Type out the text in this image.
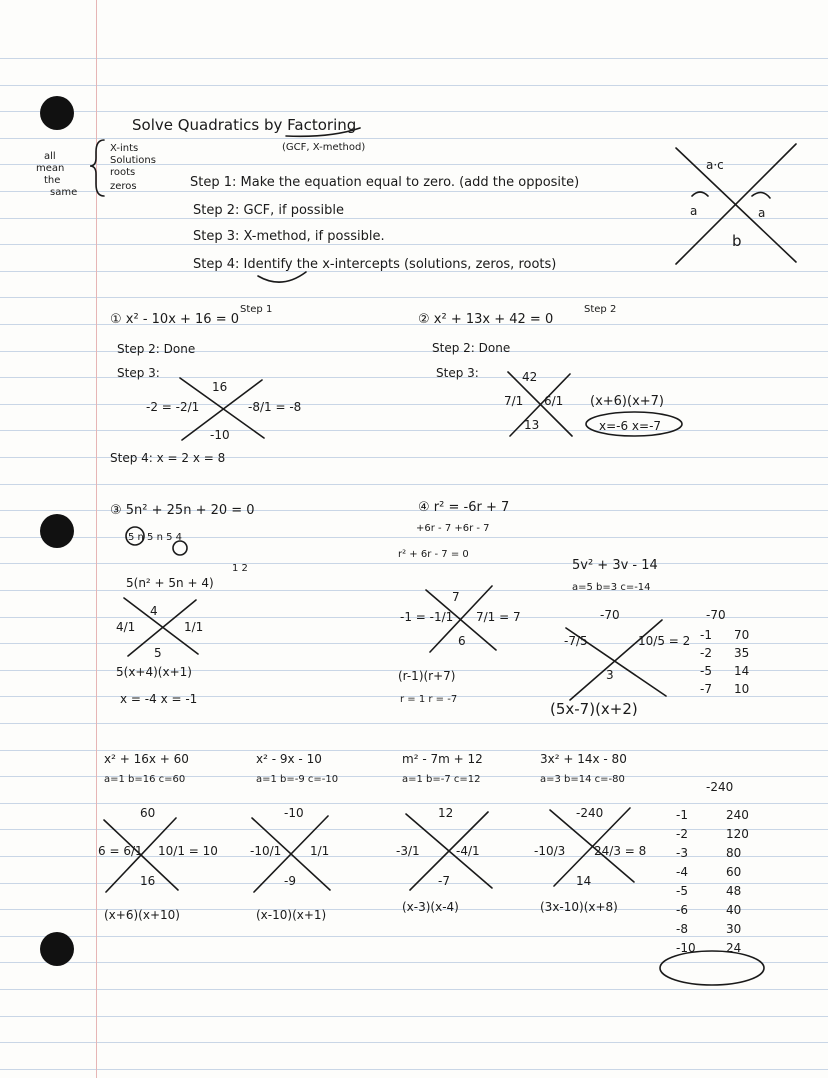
Solve Quadratics by Factoring
(GCF, X-method)
X-ints
Solutions
roots
zeros
all
mean
the
same
Step 1: Make the equation equal to zero. (add the opposite)
Step 2: GCF, if possible
Step 3: X-method, if possible.
Step 4: Identify the x-intercepts (solutions, zeros, roots)
a·c
a	a
b
① x² - 10x + 16 = 0
Step 1
Step 2: Done
Step 3:
16
-2 = -2/1	-8/1 = -8
-10
Step 4: x = 2 x = 8
② x² + 13x + 42 = 0
Step 2
Step 2: Done
Step 3:	42
7/1 6/1
13
(x+6)(x+7)
x=-6 x=-7
③ 5n² + 25n + 20 = 0
5 n 5 n 5 4
1 2
5(n² + 5n + 4)
4
4/1	1/1
5
5(x+4)(x+1)
x = -4 x = -1
④ r² = -6r + 7
+6r - 7 +6r - 7
r² + 6r - 7 = 0
7
-1 = -1/1 7/1 = 7
6
(r-1)(r+7)
r = 1 r = -7
5v² + 3v - 14
a=5 b=3 c=-14
-70
-7/5	10/5 = 2
3
(5x-7)(x+2)
-70
-1 70
-2 35
-5 14
-7 10
x² + 16x + 60
a=1 b=16 c=60
60
6 = 6/1 10/1 = 10
16
(x+6)(x+10)
x² - 9x - 10
a=1 b=-9 c=-10
-10
-10/1 1/1
-9
(x-10)(x+1)
m² - 7m + 12
a=1 b=-7 c=12
12
-3/1	-4/1
-7
(x-3)(x-4)
3x² + 14x - 80
a=3 b=14 c=-80
-240
-10/3 24/3 = 8
14
(3x-10)(x+8)
-240
-1	240
-2	120
-3	80
-4	60
-5	48
-6	40
-8	30
-10	24
